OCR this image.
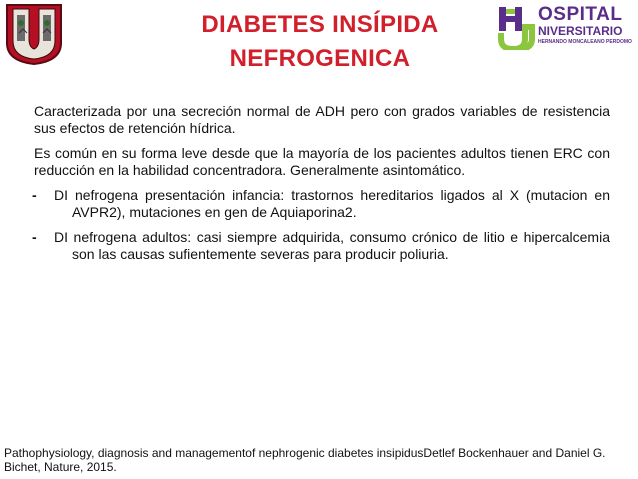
DIABETES INSÍPIDA
NEFROGENICA
OSPITAL
NIVERSITARIO
HERNANDO MONCALEANO PERDOMO

Caracterizada por una secreción normal de ADH pero con grados variables de resistencia sus efectos de retención hídrica.

Es común en su forma leve desde que la mayoría de los pacientes adultos tienen ERC con reducción en la habilidad concentradora. Generalmente asintomático.

- DI nefrogena presentación infancia: trastornos hereditarios ligados al X (mutacion en AVPR2), mutaciones en gen de Aquiaporina2.
- DI nefrogena adultos: casi siempre adquirida, consumo crónico de litio e hipercalcemia son las causas sufientemente severas para producir poliuria.
Pathophysiology, diagnosis and managementof nephrogenic diabetes insipidusDetlef Bockenhauer and Daniel G. Bichet, Nature, 2015.
